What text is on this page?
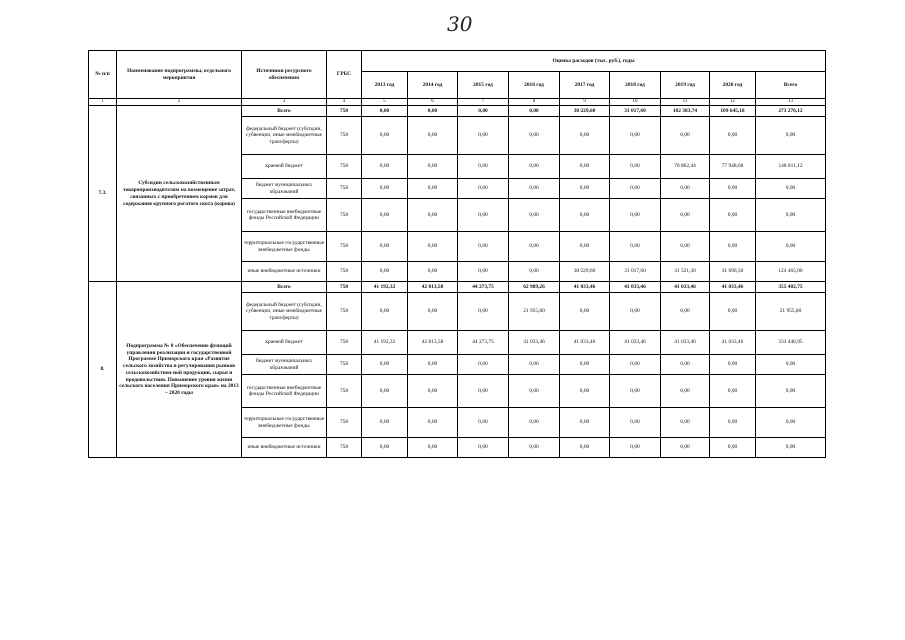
30
№ п/п	Наименование подпрограммы, отдельного мероприятия	Источники ресурсного обеспечения	ГРБС	Оценка расходов (тыс. руб.), годы								
				2013 год	2014 год	2015 год	2016 год	2017 год	2018 год	2019 год	2020 год	Всего
1	2	3	4	5	6	7	8	9	10	11	12	13
7.3.	Субсидии сельскохозяйственным товаропроизводителям на возмещение затрат, связанных с приобретением кормов для содержания крупного рогатого скота (корова)	Всего	758	0,00	0,00	0,00	0,00	30 229,60	31 017,60	102 383,74	109 645,18	273 276,12
		федеральный бюджет (субсидии, субвенции, иные межбюджетные трансферты)	758	0,00	0,00	0,00	0,00	0,00	0,00	0,00	0,00	0,00
		краевой бюджет	758	0,00	0,00	0,00	0,00	0,00	0,00	70 862,44	77 948,68	148 811,12
		бюджет муниципальных образований	758	0,00	0,00	0,00	0,00	0,00	0,00	0,00	0,00	0,00
		государственные внебюджетные фонды Российской Федерации	758	0,00	0,00	0,00	0,00	0,00	0,00	0,00	0,00	0,00
		территориальные государственные внебюджетные фонды	758	0,00	0,00	0,00	0,00	0,00	0,00	0,00	0,00	0,00
		иные внебюджетные источники	758	0,00	0,00	0,00	0,00	30 229,60	31 017,60	31 521,30	31 696,50	124 465,00
8.	Подпрограмма № 8 «Обеспечение функций управления реализации и государственной Программе Приморского края «Развитие сельского хозяйства и регулирования рынков сельскохозяйствен-ной продукции, сырья и продовольствия. Повышение уровня жизни сельского населения Приморского края» на 2013 – 2020 годы	Всего	758	41 192,32	42 813,58	44 273,75	62 989,26	41 033,46	41 033,46	41 033,46	41 033,46	355 402,75
		федеральный бюджет (субсидии, субвенции, иные межбюджетные трансферты)	758	0,00	0,00	0,00	21 955,80	0,00	0,00	0,00	0,00	21 955,80
		краевой бюджет	758	41 192,32	42 813,58	44 273,75	41 033,46	41 033,46	41 033,46	41 033,46	41 033,46	333 446,95
		бюджет муниципальных образований	758	0,00	0,00	0,00	0,00	0,00	0,00	0,00	0,00	0,00
		государственные внебюджетные фонды Российской Федерации	758	0,00	0,00	0,00	0,00	0,00	0,00	0,00	0,00	0,00
		территориальные государственные внебюджетные фонды	758	0,00	0,00	0,00	0,00	0,00	0,00	0,00	0,00	0,00
		иные внебюджетные источники	758	0,00	0,00	0,00	0,00	0,00	0,00	0,00	0,00	0,00
